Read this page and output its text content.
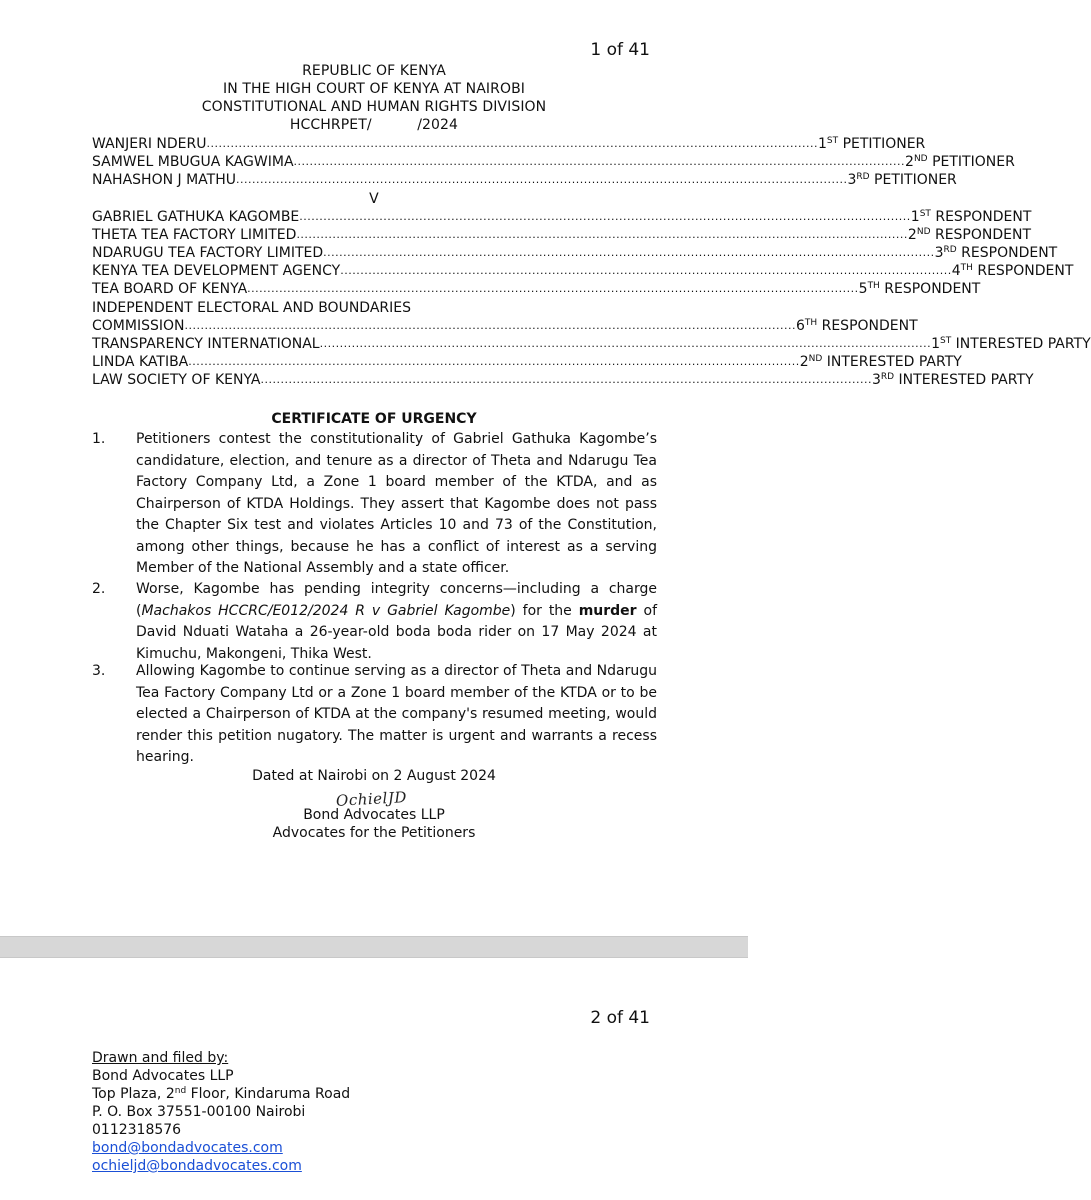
1 of 41
REPUBLIC OF KENYA
IN THE HIGH COURT OF KENYA AT NAIROBI
CONSTITUTIONAL AND HUMAN RIGHTS DIVISION
HCCHRPET/          /2024
WANJERI NDERU ......................................................................................................................................................... 1ST PETITIONER
SAMWEL MBUGUA KAGWIMA ......................................................................................................................................................... 2ND PETITIONER
NAHASHON J MATHU ......................................................................................................................................................... 3RD PETITIONER
V
GABRIEL GATHUKA KAGOMBE ......................................................................................................................................................... 1ST RESPONDENT
THETA TEA FACTORY LIMITED ......................................................................................................................................................... 2ND RESPONDENT
NDARUGU TEA FACTORY LIMITED ......................................................................................................................................................... 3RD RESPONDENT
KENYA TEA DEVELOPMENT AGENCY ......................................................................................................................................................... 4TH RESPONDENT
TEA BOARD OF KENYA ......................................................................................................................................................... 5TH RESPONDENT
INDEPENDENT ELECTORAL AND BOUNDARIES
COMMISSION ......................................................................................................................................................... 6TH RESPONDENT
TRANSPARENCY INTERNATIONAL ......................................................................................................................................................... 1ST INTERESTED PARTY
LINDA KATIBA ......................................................................................................................................................... 2ND INTERESTED PARTY
LAW SOCIETY OF KENYA ......................................................................................................................................................... 3RD INTERESTED PARTY
CERTIFICATE OF URGENCY
1.	Petitioners contest the constitutionality of Gabriel Gathuka Kagombe’s candidature, election, and tenure as a director of Theta and Ndarugu Tea Factory Company Ltd, a Zone 1 board member of the KTDA, and as Chairperson of KTDA Holdings. They assert that Kagombe does not pass the Chapter Six test and violates Articles 10 and 73 of the Constitution, among other things, because he has a conflict of interest as a serving Member of the National Assembly and a state officer.
2.	Worse, Kagombe has pending integrity concerns—including a charge (Machakos HCCRC/E012/2024 R v Gabriel Kagombe) for the murder of David Nduati Wataha a 26-year-old boda boda rider on 17 May 2024 at Kimuchu, Makongeni, Thika West.
3.	Allowing Kagombe to continue serving as a director of Theta and Ndarugu Tea Factory Company Ltd or a Zone 1 board member of the KTDA or to be elected a Chairperson of KTDA at the company's resumed meeting, would render this petition nugatory. The matter is urgent and warrants a recess hearing.
Dated at Nairobi on 2 August 2024
OchielJD
Bond Advocates LLP
Advocates for the Petitioners
2 of 41
Drawn and filed by:
Bond Advocates LLP
Top Plaza, 2nd Floor, Kindaruma Road
P. O. Box 37551-00100 Nairobi
0112318576
bond@bondadvocates.com
ochieljd@bondadvocates.com
